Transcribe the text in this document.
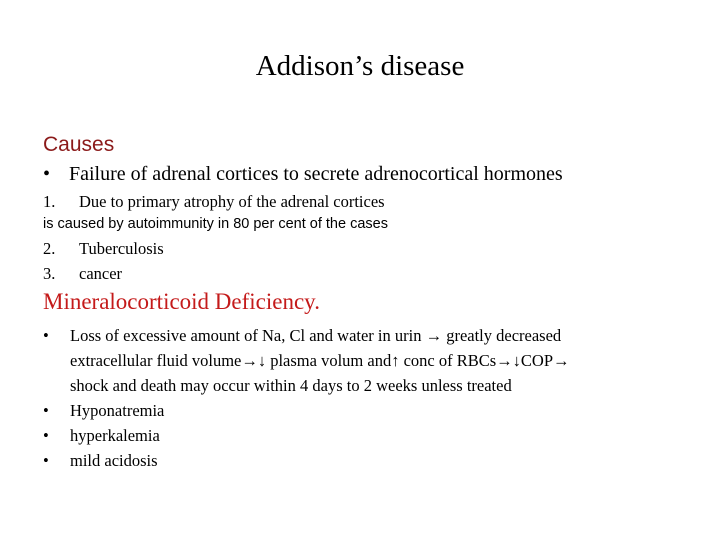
Addison’s disease
Causes
• Failure of adrenal cortices to secrete adrenocortical hormones
1. Due to primary atrophy of the adrenal cortices
is caused by autoimmunity in 80 per cent of the cases
2. Tuberculosis
3. cancer
Mineralocorticoid Deficiency.
• Loss of excessive amount of Na, Cl and water in urin → greatly decreased
extracellular fluid volume→↓ plasma volum and↑ conc of RBCs→↓COP→
shock and death may occur within 4 days to 2 weeks unless treated
• Hyponatremia
• hyperkalemia
• mild acidosis
